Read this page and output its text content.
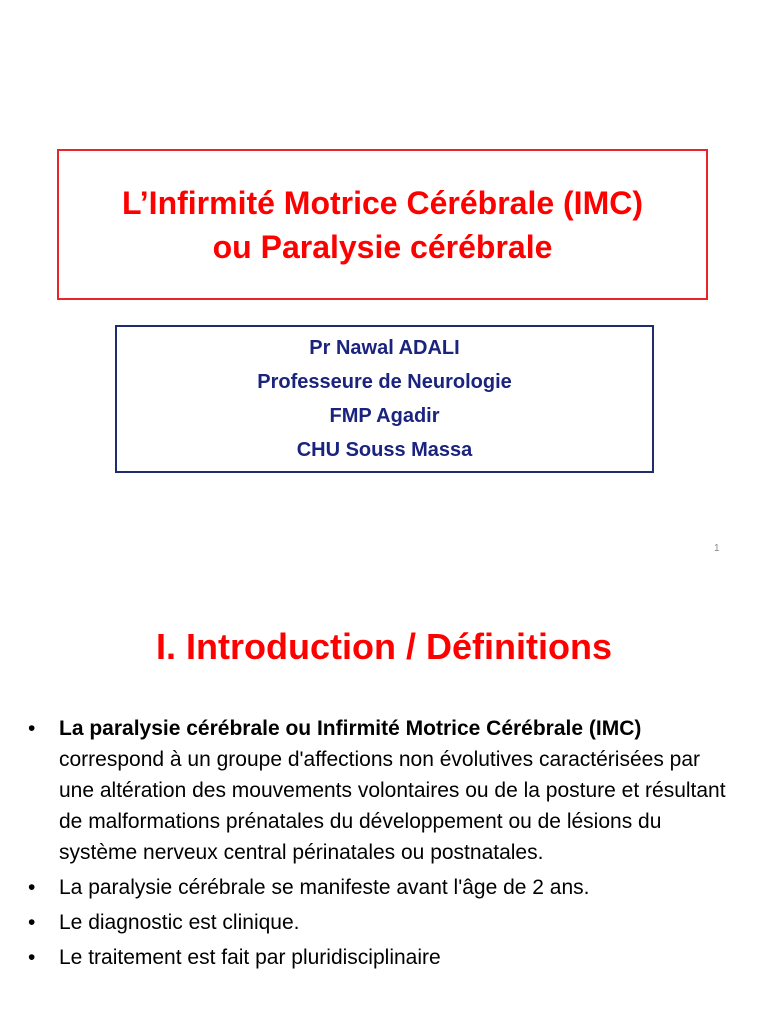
L’Infirmité Motrice Cérébrale (IMC)
ou Paralysie cérébrale
Pr Nawal ADALI
Professeure de Neurologie
FMP Agadir
CHU Souss Massa
1
I. Introduction / Définitions
• La paralysie cérébrale ou Infirmité Motrice Cérébrale (IMC) correspond à un groupe d'affections non évolutives caractérisées par une altération des mouvements volontaires ou de la posture et résultant de malformations prénatales du développement ou de lésions du système nerveux central périnatales ou postnatales.
• La paralysie cérébrale se manifeste avant l'âge de 2 ans.
• Le diagnostic est clinique.
• Le traitement est fait par pluridisciplinaire
